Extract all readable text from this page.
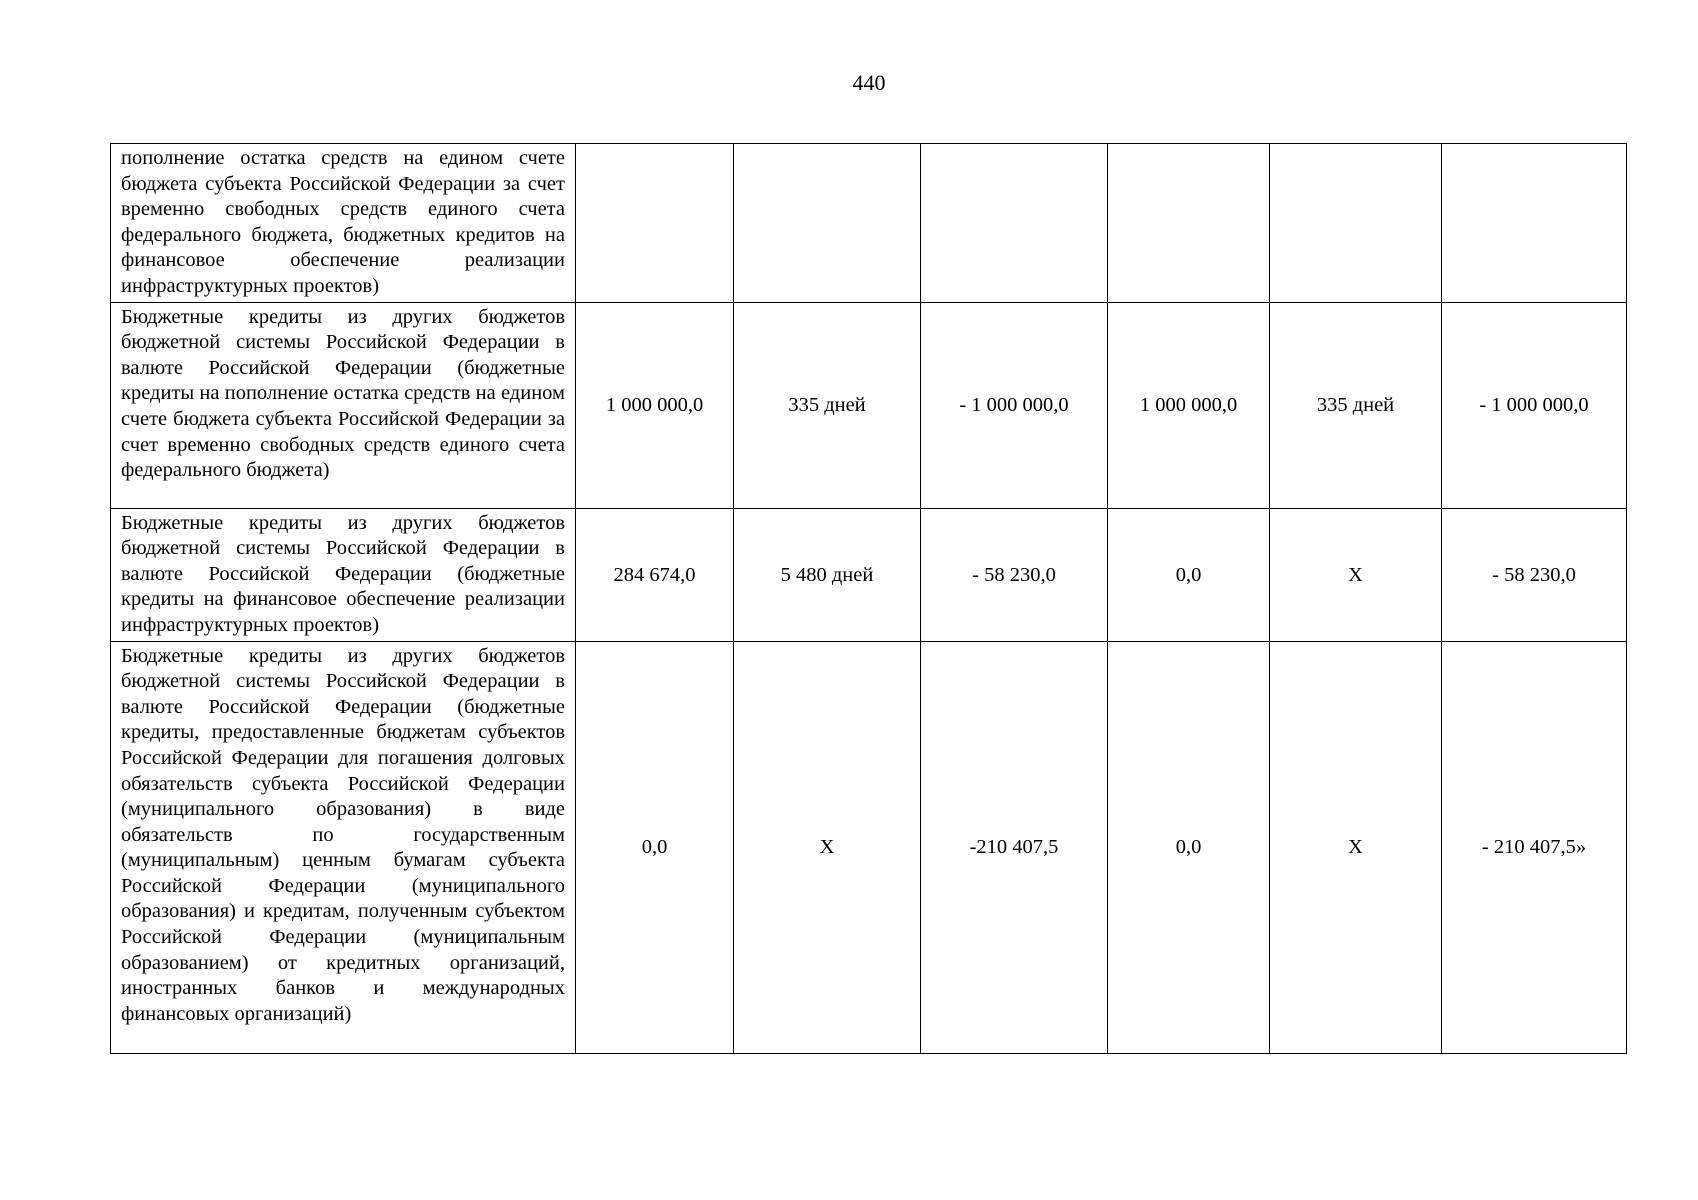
440
пополнение остатка средств на едином счете бюджета субъекта Российской Федерации за счет временно свободных средств единого счета федерального бюджета, бюджетных кредитов на финансовое обеспечение реализации инфраструктурных проектов)						
Бюджетные кредиты из других бюджетов бюджетной системы Российской Федерации в валюте Российской Федерации (бюджетные кредиты на пополнение остатка средств на едином счете бюджета субъекта Российской Федерации за счет временно свободных средств единого счета федерального бюджета)	1 000 000,0	335 дней	- 1 000 000,0	1 000 000,0	335 дней	- 1 000 000,0
Бюджетные кредиты из других бюджетов бюджетной системы Российской Федерации в валюте Российской Федерации (бюджетные кредиты на финансовое обеспечение реализации инфраструктурных проектов)	284 674,0	5 480 дней	- 58 230,0	0,0	Х	- 58 230,0
Бюджетные кредиты из других бюджетов бюджетной системы Российской Федерации в валюте Российской Федерации (бюджетные кредиты, предоставленные бюджетам субъектов Российской Федерации для погашения долговых обязательств субъекта Российской Федерации (муниципального образования) в виде обязательств по государственным (муниципальным) ценным бумагам субъекта Российской Федерации (муниципального образования) и кредитам, полученным субъектом Российской Федерации (муниципальным образованием) от кредитных организаций, иностранных банков и международных финансовых организаций)	0,0	Х	-210 407,5	0,0	Х	- 210 407,5»
